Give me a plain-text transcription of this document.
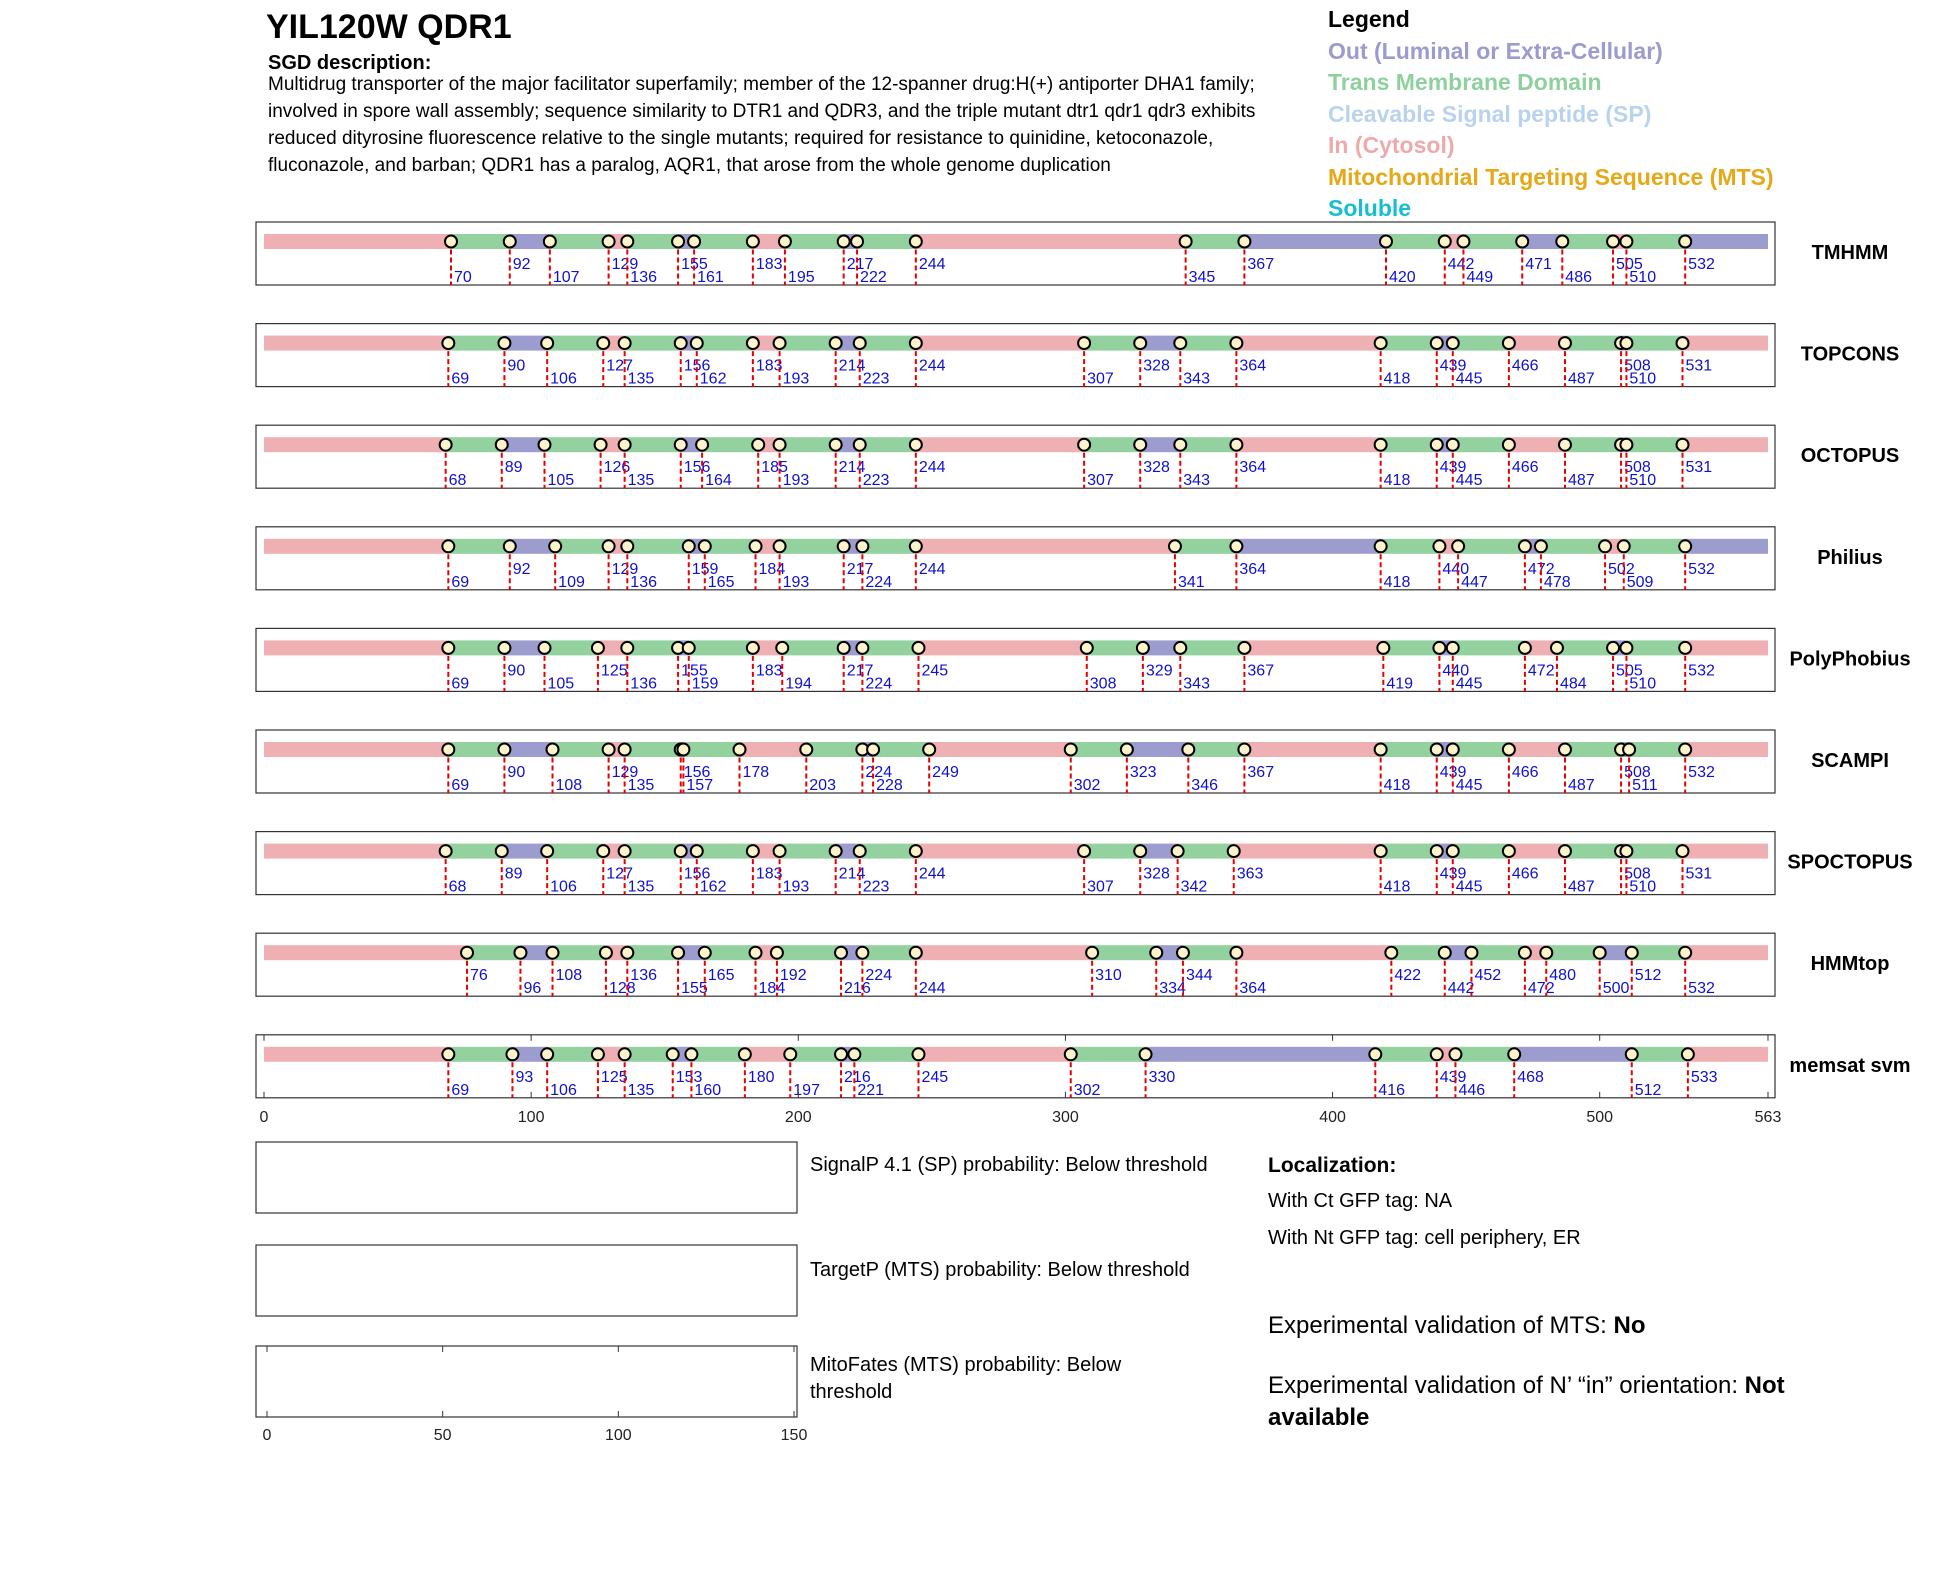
70
92
107
129
136
155
161
183
195
217
222
244
345
367
420
442
449
471
486
505
510
532
TMHMM
69
90
106
127
135
156
162
183
193
214
223
244
307
328
343
364
418
439
445
466
487
508
510
531
TOPCONS
68
89
105
126
135
156
164
185
193
214
223
244
307
328
343
364
418
439
445
466
487
508
510
531
OCTOPUS
69
92
109
129
136
159
165
184
193
217
224
244
341
364
418
440
447
472
478
502
509
532
Philius
69
90
105
125
136
155
159
183
194
217
224
245
308
329
343
367
419
440
445
472
484
505
510
532
PolyPhobius
69
90
108
129
135
156
157
178
203
224
228
249
302
323
346
367
418
439
445
466
487
508
511
532
SCAMPI
68
89
106
127
135
156
162
183
193
214
223
244
307
328
342
363
418
439
445
466
487
508
510
531
SPOCTOPUS
76
96
108
128
136
155
165
184
192
216
224
244
310
334
344
364
422
442
452
472
480
500
512
532
HMMtop
69
93
106
125
135
153
160
180
197
216
221
245
302
330
416
439
446
468
512
533
memsat svm
0	100	200	300	400	500	563
0	50	100	150
YIL120W QDR1
SGD description:
Multidrug transporter of the major facilitator superfamily; member of the 12-spanner drug:H(+) antiporter DHA1 family; involved in spore wall assembly; sequence similarity to DTR1 and QDR3, and the triple mutant dtr1 qdr1 qdr3 exhibits reduced dityrosine fluorescence relative to the single mutants; required for resistance to quinidine, ketoconazole, fluconazole, and barban; QDR1 has a paralog, AQR1, that arose from the whole genome duplication
Legend
Out (Luminal or Extra-Cellular)
Trans Membrane Domain
Cleavable Signal peptide (SP)
In (Cytosol)
Mitochondrial Targeting Sequence (MTS)
Soluble
SignalP 4.1 (SP) probability: Below threshold
TargetP (MTS) probability: Below threshold
MitoFates (MTS) probability: Below threshold
Localization:
With Ct GFP tag: NA
With Nt GFP tag: cell periphery, ER
Experimental validation of MTS: No
Experimental validation of N’ “in” orientation: Not available
